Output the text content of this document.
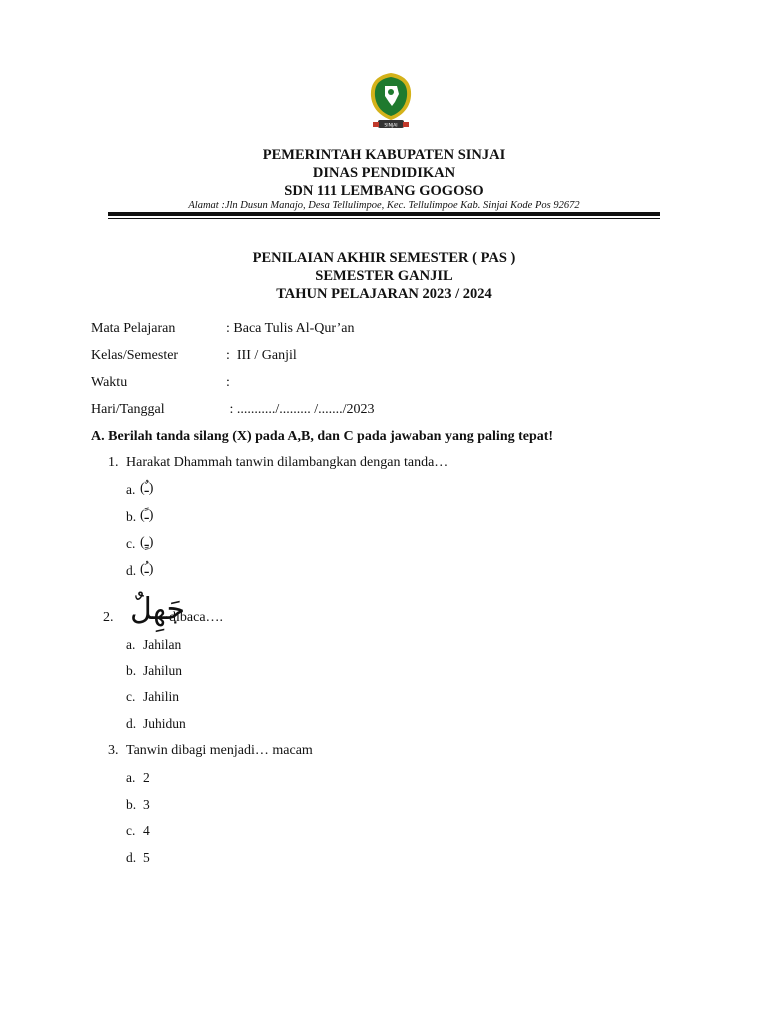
SINJAI
PEMERINTAH KABUPATEN SINJAI
DINAS PENDIDIKAN
SDN 111 LEMBANG GOGOSO
Alamat :Jln Dusun Manajo, Desa Tellulimpoe, Kec. Tellulimpoe Kab. Sinjai Kode Pos 92672
PENILAIAN AKHIR SEMESTER ( PAS )
SEMESTER GANJIL
TAHUN PELAJARAN 2023 / 2024
Mata Pelajaran	: Baca Tulis Al-Qur’an
Kelas/Semester	:  III / Ganjil
Waktu	:
Hari/Tanggal	: .........../......... /......./2023
A. Berilah tanda silang (X) pada A,B, dan C pada jawaban yang paling tepat!
1. Harakat Dhammah tanwin dilambangkan dengan tanda…
a. (ـٌ)
b. (ـً)
c. (ـٍ)
d. (ـُ)
2. جَهِلٌ
dibaca….
a. Jahilan
b. Jahilun
c. Jahilin
d. Juhidun
3. Tanwin dibagi menjadi… macam
a. 2
b. 3
c. 4
d. 5
